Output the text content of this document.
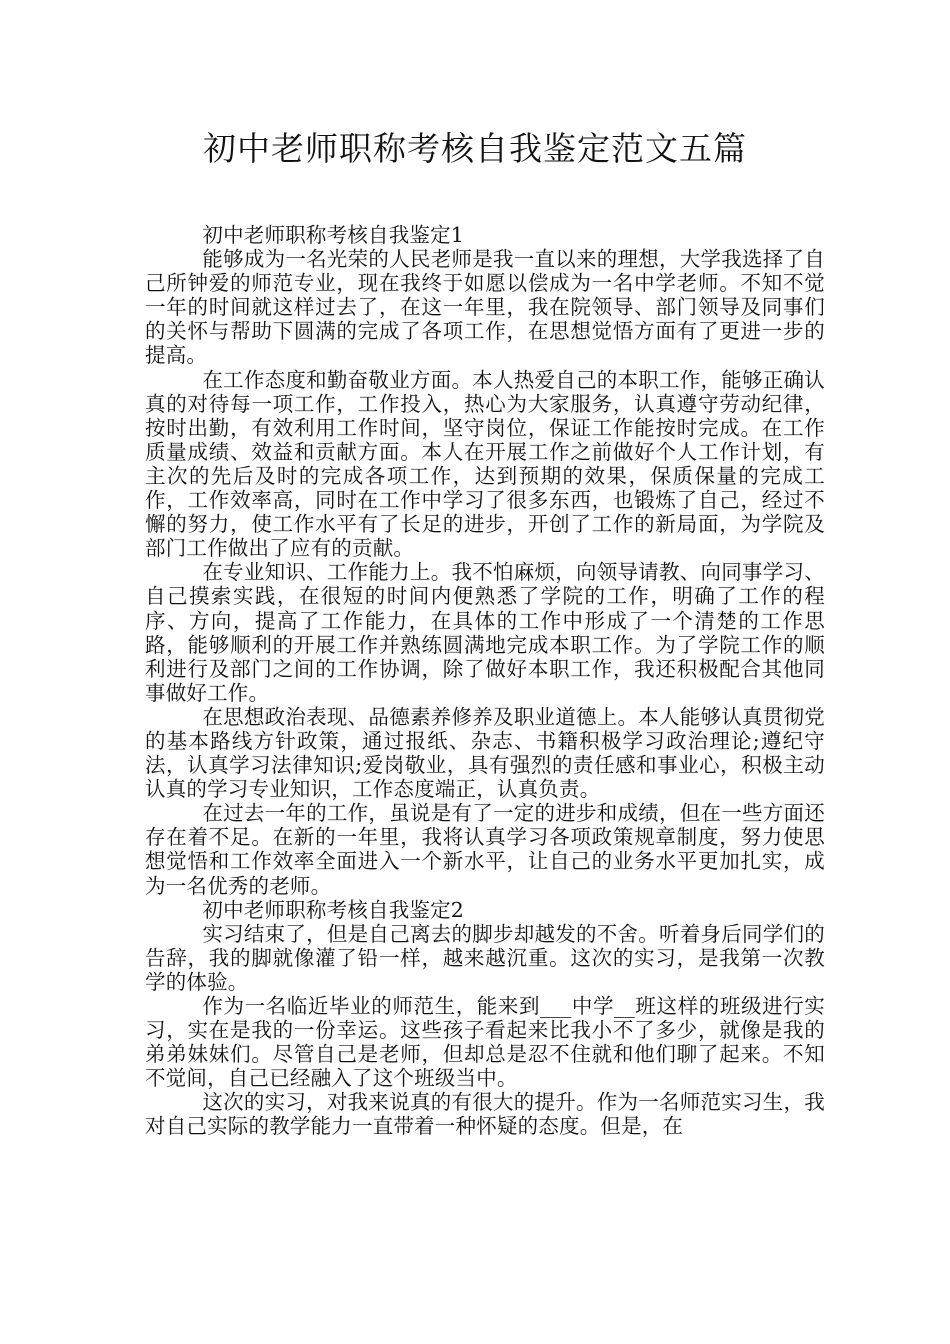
初中老师职称考核自我鉴定范文五篇

初中老师职称考核自我鉴定1

能够成为一名光荣的人民老师是我一直以来的理想，大学我选择了自己所钟爱的师范专业，现在我终于如愿以偿成为一名中学老师。不知不觉一年的时间就这样过去了，在这一年里，我在院领导、部门领导及同事们的关怀与帮助下圆满的完成了各项工作，在思想觉悟方面有了更进一步的提高。

在工作态度和勤奋敬业方面。本人热爱自己的本职工作，能够正确认真的对待每一项工作，工作投入，热心为大家服务，认真遵守劳动纪律，按时出勤，有效利用工作时间，坚守岗位，保证工作能按时完成。在工作质量成绩、效益和贡献方面。本人在开展工作之前做好个人工作计划，有主次的先后及时的完成各项工作，达到预期的效果，保质保量的完成工作，工作效率高，同时在工作中学习了很多东西，也锻炼了自己，经过不懈的努力，使工作水平有了长足的进步，开创了工作的新局面，为学院及部门工作做出了应有的贡献。

在专业知识、工作能力上。我不怕麻烦，向领导请教、向同事学习、自己摸索实践，在很短的时间内便熟悉了学院的工作，明确了工作的程序、方向，提高了工作能力，在具体的工作中形成了一个清楚的工作思路，能够顺利的开展工作并熟练圆满地完成本职工作。为了学院工作的顺利进行及部门之间的工作协调，除了做好本职工作，我还积极配合其他同事做好工作。

在思想政治表现、品德素养修养及职业道德上。本人能够认真贯彻党的基本路线方针政策，通过报纸、杂志、书籍积极学习政治理论;遵纪守法，认真学习法律知识;爱岗敬业，具有强烈的责任感和事业心，积极主动认真的学习专业知识，工作态度端正，认真负责。

在过去一年的工作，虽说是有了一定的进步和成绩，但在一些方面还存在着不足。在新的一年里，我将认真学习各项政策规章制度，努力使思想觉悟和工作效率全面进入一个新水平，让自己的业务水平更加扎实，成为一名优秀的老师。

初中老师职称考核自我鉴定2

实习结束了，但是自己离去的脚步却越发的不舍。听着身后同学们的告辞，我的脚就像灌了铅一样，越来越沉重。这次的实习，是我第一次教学的体验。

作为一名临近毕业的师范生，能来到___中学__班这样的班级进行实习，实在是我的一份幸运。这些孩子看起来比我小不了多少，就像是我的弟弟妹妹们。尽管自己是老师，但却总是忍不住就和他们聊了起来。不知不觉间，自己已经融入了这个班级当中。

这次的实习，对我来说真的有很大的提升。作为一名师范实习生，我对自己实际的教学能力一直带着一种怀疑的态度。但是，在
